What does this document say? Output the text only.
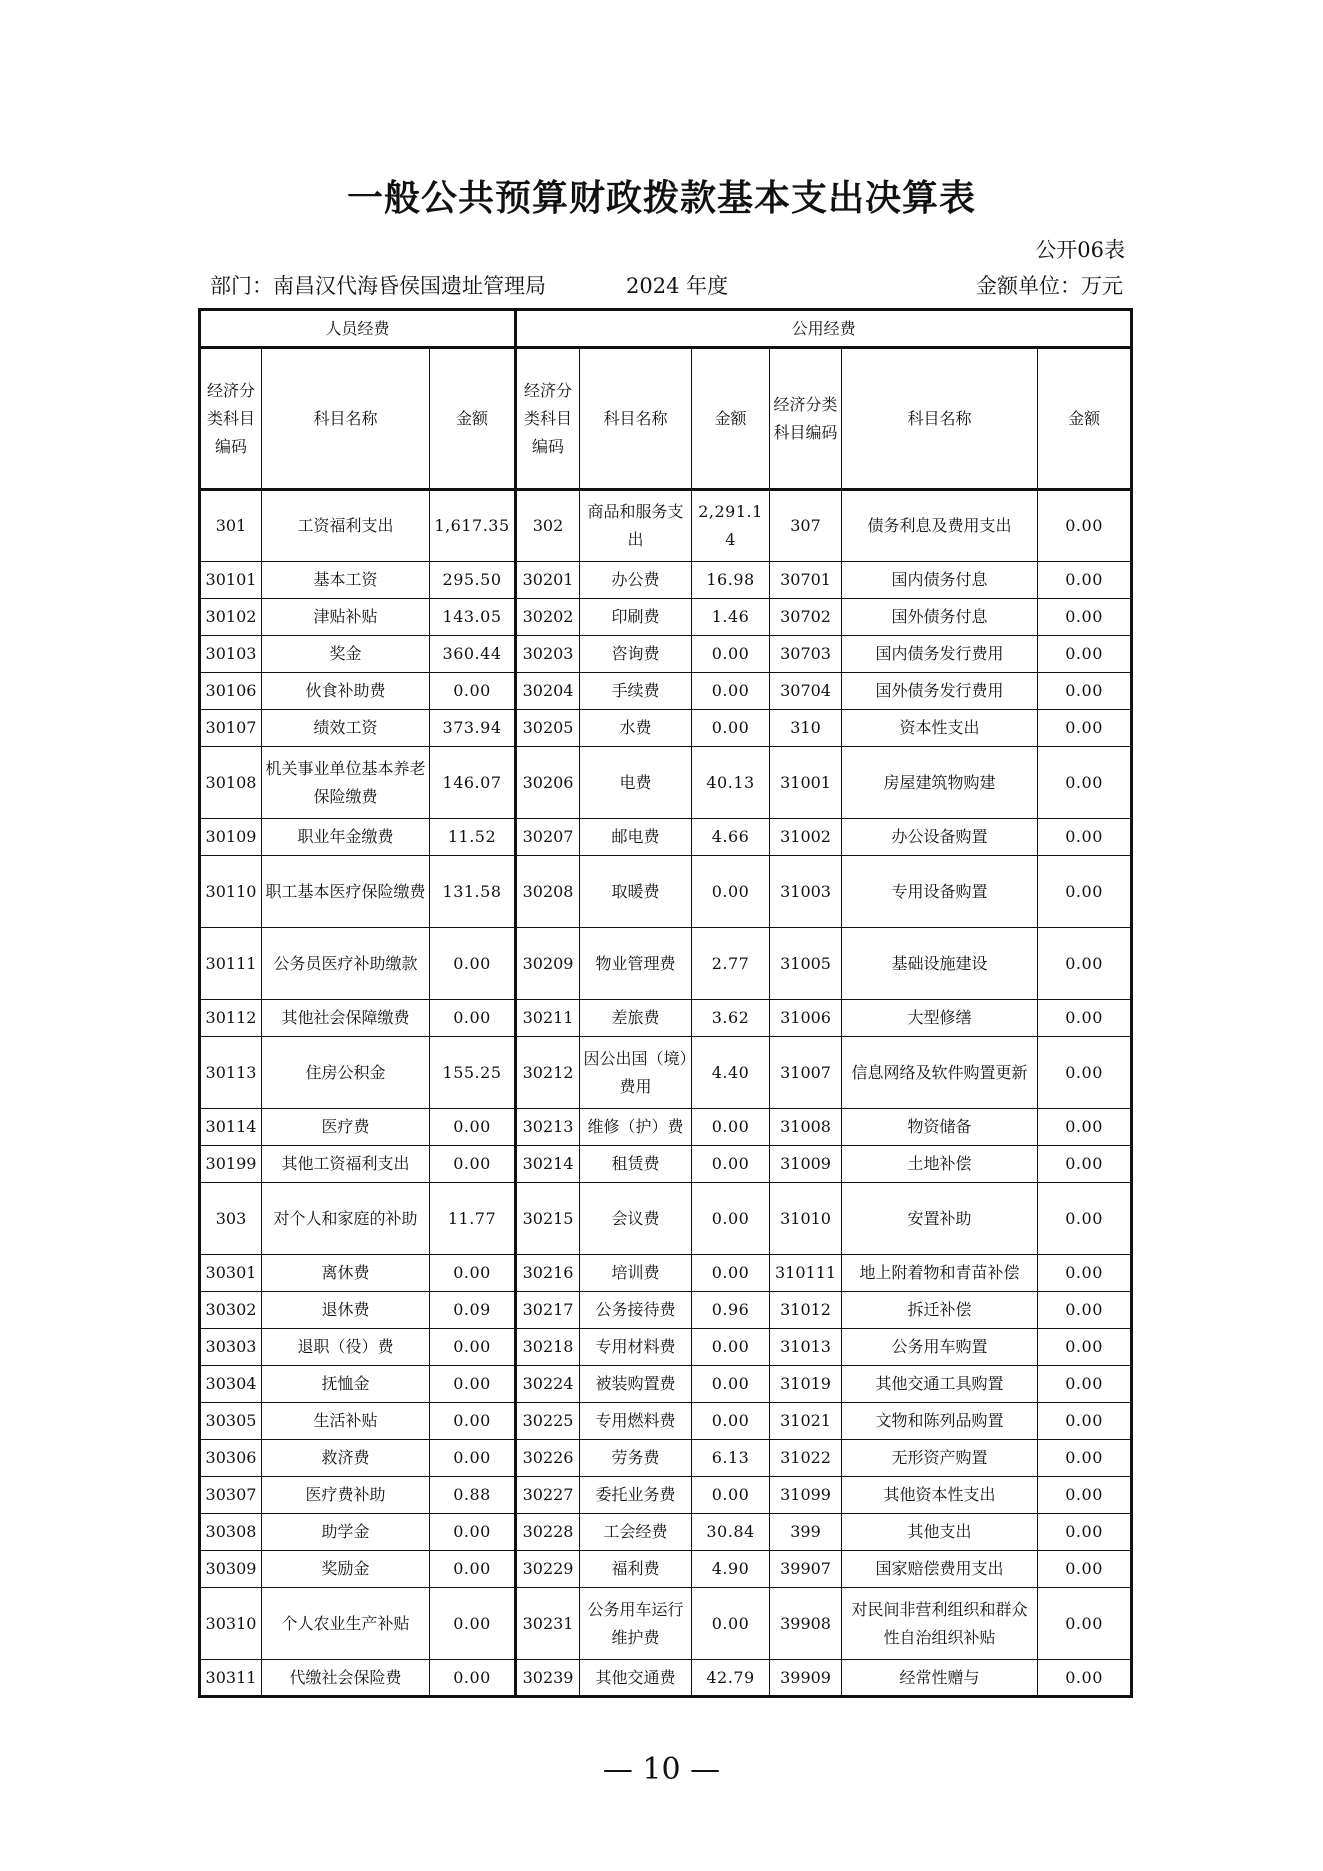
一般公共预算财政拨款基本支出决算表
公开06表
部门：南昌汉代海昏侯国遗址管理局	2024 年度	金额单位：万元
人员经费			公用经费					
经济分类科目编码	科目名称	金额	经济分类科目编码	科目名称	金额	经济分类科目编码	科目名称	金额
301	工资福利支出	1,617.35	302	商品和服务支出	2,291.14	307	债务利息及费用支出	0.00
30101	基本工资	295.50	30201	办公费	16.98	30701	国内债务付息	0.00
30102	津贴补贴	143.05	30202	印刷费	1.46	30702	国外债务付息	0.00
30103	奖金	360.44	30203	咨询费	0.00	30703	国内债务发行费用	0.00
30106	伙食补助费	0.00	30204	手续费	0.00	30704	国外债务发行费用	0.00
30107	绩效工资	373.94	30205	水费	0.00	310	资本性支出	0.00
30108	机关事业单位基本养老保险缴费	146.07	30206	电费	40.13	31001	房屋建筑物购建	0.00
30109	职业年金缴费	11.52	30207	邮电费	4.66	31002	办公设备购置	0.00
30110	职工基本医疗保险缴费	131.58	30208	取暖费	0.00	31003	专用设备购置	0.00
30111	公务员医疗补助缴款	0.00	30209	物业管理费	2.77	31005	基础设施建设	0.00
30112	其他社会保障缴费	0.00	30211	差旅费	3.62	31006	大型修缮	0.00
30113	住房公积金	155.25	30212	因公出国（境）费用	4.40	31007	信息网络及软件购置更新	0.00
30114	医疗费	0.00	30213	维修（护）费	0.00	31008	物资储备	0.00
30199	其他工资福利支出	0.00	30214	租赁费	0.00	31009	土地补偿	0.00
303	对个人和家庭的补助	11.77	30215	会议费	0.00	31010	安置补助	0.00
30301	离休费	0.00	30216	培训费	0.00	310111	地上附着物和青苗补偿	0.00
30302	退休费	0.09	30217	公务接待费	0.96	31012	拆迁补偿	0.00
30303	退职（役）费	0.00	30218	专用材料费	0.00	31013	公务用车购置	0.00
30304	抚恤金	0.00	30224	被装购置费	0.00	31019	其他交通工具购置	0.00
30305	生活补贴	0.00	30225	专用燃料费	0.00	31021	文物和陈列品购置	0.00
30306	救济费	0.00	30226	劳务费	6.13	31022	无形资产购置	0.00
30307	医疗费补助	0.88	30227	委托业务费	0.00	31099	其他资本性支出	0.00
30308	助学金	0.00	30228	工会经费	30.84	399	其他支出	0.00
30309	奖励金	0.00	30229	福利费	4.90	39907	国家赔偿费用支出	0.00
30310	个人农业生产补贴	0.00	30231	公务用车运行维护费	0.00	39908	对民间非营利组织和群众性自治组织补贴	0.00
30311	代缴社会保险费	0.00	30239	其他交通费	42.79	39909	经常性赠与	0.00
— 10 —
